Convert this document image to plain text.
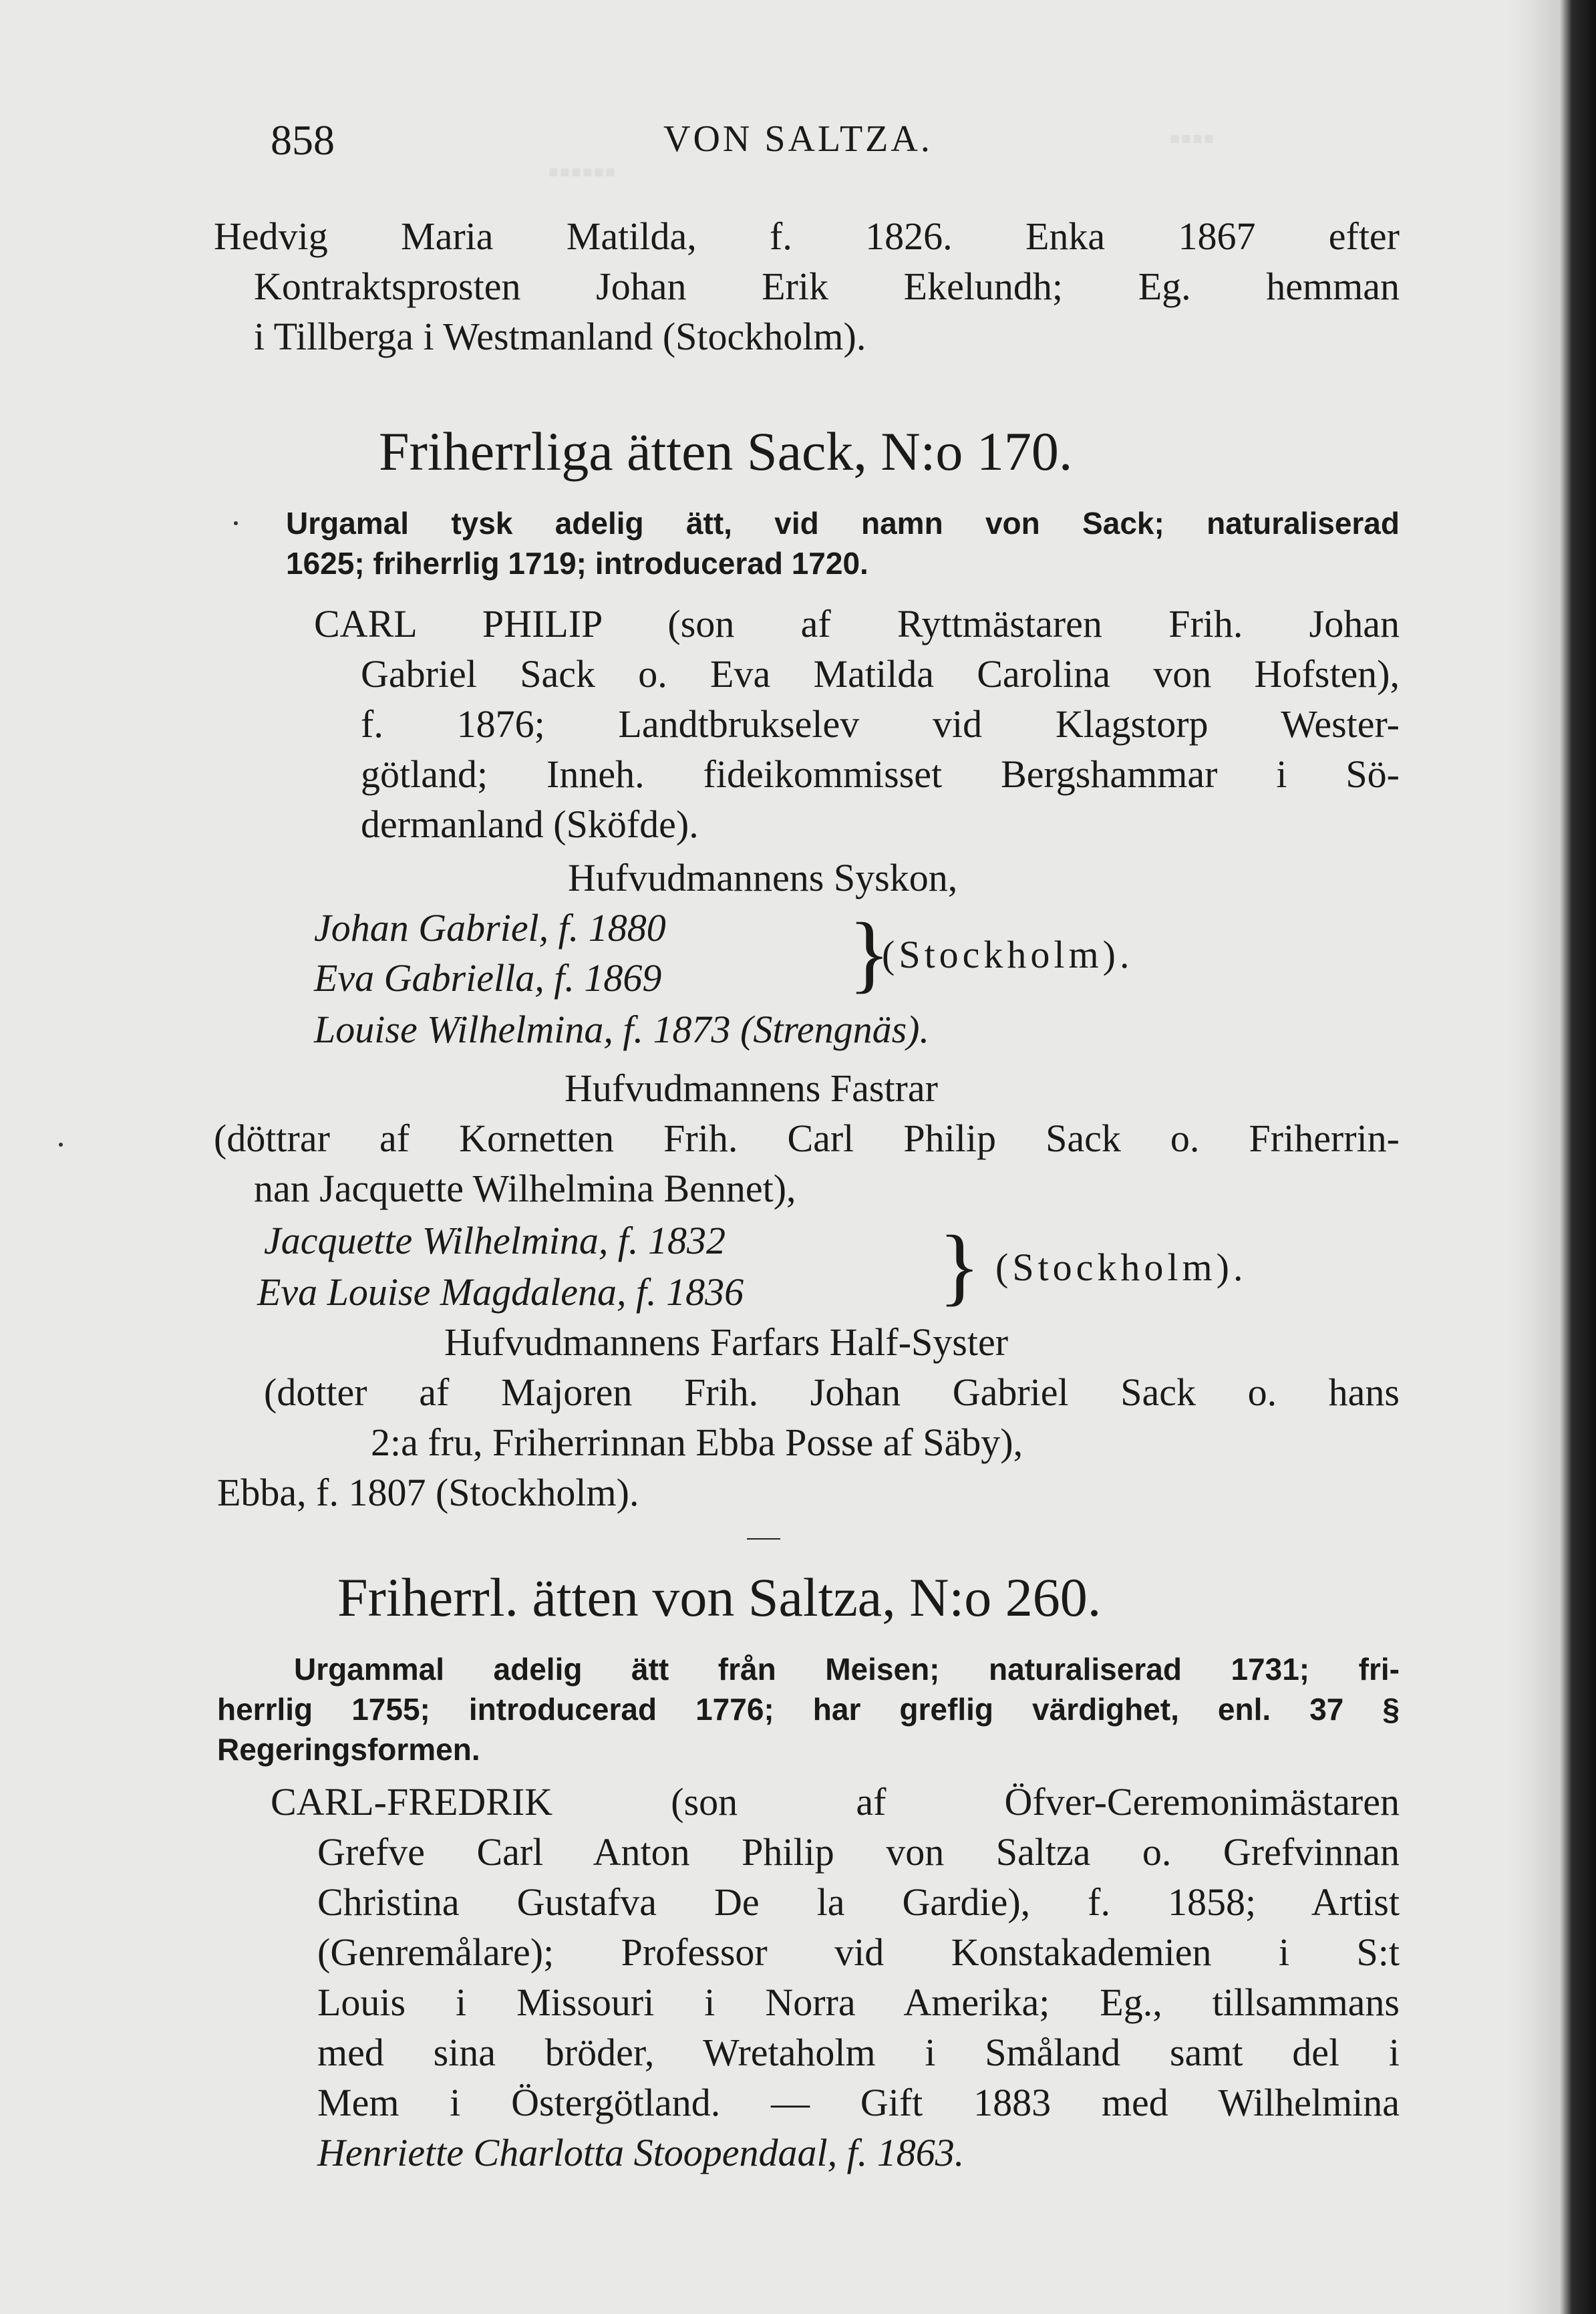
▪▪▪▪
▪▪▪▪▪▪
858	VON SALTZA.
Hedvig Maria Matilda, f. 1826. Enka 1867 efter
Kontraktsprosten Johan Erik Ekelundh; Eg. hemman
i Tillberga i Westmanland (Stockholm).
Friherrliga ätten Sack, N:o 170.
Urgamal tysk adelig ätt, vid namn von Sack; naturaliserad
1625; friherrlig 1719; introducerad 1720.
CARL PHILIP (son af Ryttmästaren Frih. Johan
Gabriel Sack o. Eva Matilda Carolina von Hofsten),
f. 1876; Landtbrukselev vid Klagstorp Wester-
götland; Inneh. fideikommisset Bergshammar i Sö-
dermanland (Sköfde).
Hufvudmannens Syskon,
Johan Gabriel, f. 1880
Eva Gabriella, f. 1869 }
(Stockholm).
Louise Wilhelmina, f. 1873 (Strengnäs).
Hufvudmannens Fastrar
(döttrar af Kornetten Frih. Carl Philip Sack o. Friherrin-
nan Jacquette Wilhelmina Bennet),
Jacquette Wilhelmina, f. 1832
Eva Louise Magdalena, f. 1836 } (Stockholm).
Hufvudmannens Farfars Half-Syster
(dotter af Majoren Frih. Johan Gabriel Sack o. hans
2:a fru, Friherrinnan Ebba Posse af Säby),
Ebba, f. 1807 (Stockholm).
Friherrl. ätten von Saltza, N:o 260.
Urgammal adelig ätt från Meisen; naturaliserad 1731; fri-
herrlig 1755; introducerad 1776; har greflig värdighet, enl. 37 §
Regeringsformen.
CARL-FREDRIK (son af Öfver-Ceremonimästaren
Grefve Carl Anton Philip von Saltza o. Grefvinnan
Christina Gustafva De la Gardie), f. 1858; Artist
(Genremålare); Professor vid Konstakademien i S:t
Louis i Missouri i Norra Amerika; Eg., tillsammans
med sina bröder, Wretaholm i Småland samt del i
Mem i Östergötland. — Gift 1883 med Wilhelmina
Henriette Charlotta Stoopendaal, f. 1863.
